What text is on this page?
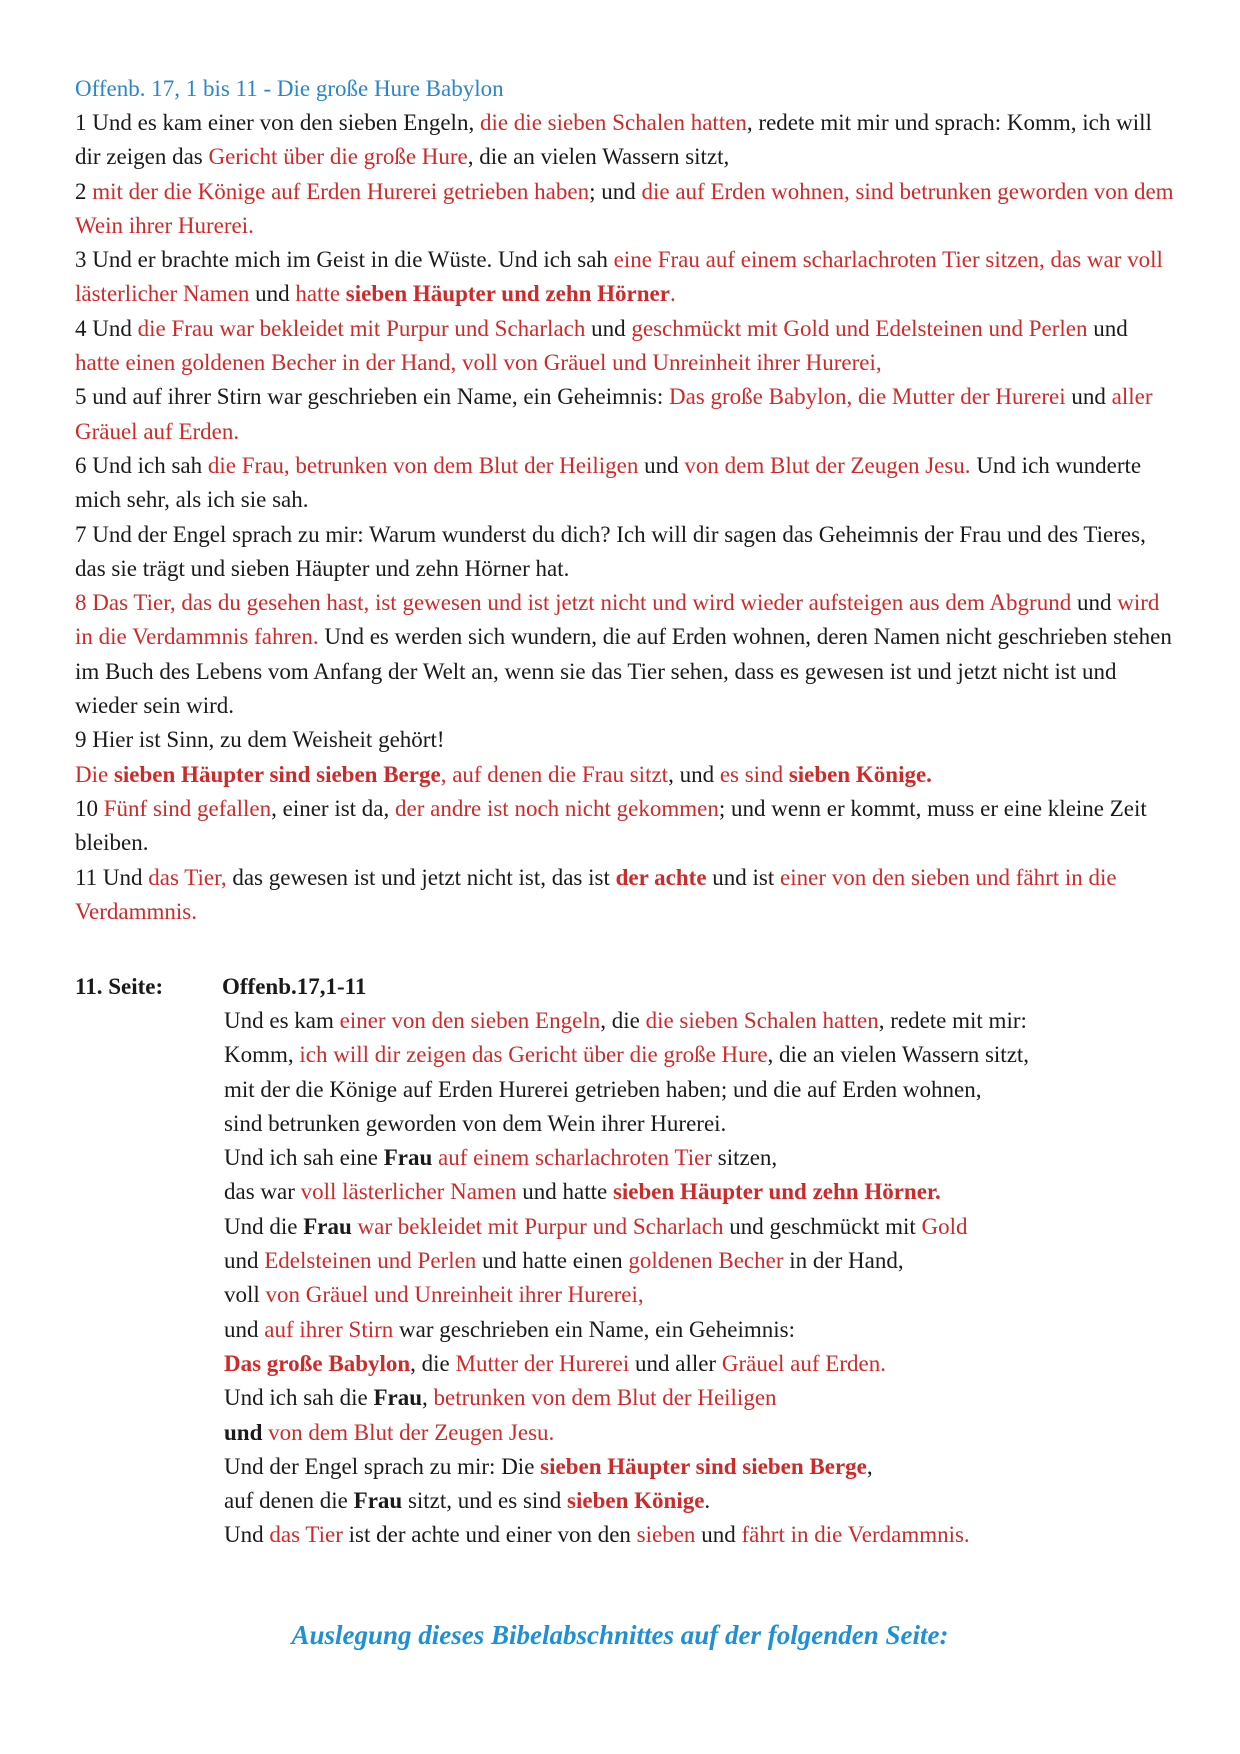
Offenb. 17, 1 bis 11 - Die große Hure Babylon

1 Und es kam einer von den sieben Engeln, die die sieben Schalen hatten, redete mit mir und sprach: Komm, ich will dir zeigen das Gericht über die große Hure, die an vielen Wassern sitzt,

2 mit der die Könige auf Erden Hurerei getrieben haben; und die auf Erden wohnen, sind betrunken geworden von dem Wein ihrer Hurerei.

3 Und er brachte mich im Geist in die Wüste. Und ich sah eine Frau auf einem scharlachroten Tier sitzen, das war voll lästerlicher Namen und hatte sieben Häupter und zehn Hörner.

4 Und die Frau war bekleidet mit Purpur und Scharlach und geschmückt mit Gold und Edelsteinen und Perlen und hatte einen goldenen Becher in der Hand, voll von Gräuel und Unreinheit ihrer Hurerei,

5 und auf ihrer Stirn war geschrieben ein Name, ein Geheimnis: Das große Babylon, die Mutter der Hurerei und aller Gräuel auf Erden.

6 Und ich sah die Frau, betrunken von dem Blut der Heiligen und von dem Blut der Zeugen Jesu. Und ich wunderte mich sehr, als ich sie sah.

7 Und der Engel sprach zu mir: Warum wunderst du dich? Ich will dir sagen das Geheimnis der Frau und des Tieres, das sie trägt und sieben Häupter und zehn Hörner hat.

8 Das Tier, das du gesehen hast, ist gewesen und ist jetzt nicht und wird wieder aufsteigen aus dem Abgrund und wird in die Verdammnis fahren. Und es werden sich wundern, die auf Erden wohnen, deren Namen nicht geschrieben stehen im Buch des Lebens vom Anfang der Welt an, wenn sie das Tier sehen, dass es gewesen ist und jetzt nicht ist und wieder sein wird.

9 Hier ist Sinn, zu dem Weisheit gehört!

Die sieben Häupter sind sieben Berge, auf denen die Frau sitzt, und es sind sieben Könige.

10 Fünf sind gefallen, einer ist da, der andre ist noch nicht gekommen; und wenn er kommt, muss er eine kleine Zeit bleiben.

11 Und das Tier, das gewesen ist und jetzt nicht ist, das ist der achte und ist einer von den sieben und fährt in die Verdammnis.

11. Seite:	Offenb.17,1-11

Und es kam einer von den sieben Engeln, die die sieben Schalen hatten, redete mit mir:

Komm, ich will dir zeigen das Gericht über die große Hure, die an vielen Wassern sitzt,

mit der die Könige auf Erden Hurerei getrieben haben; und die auf Erden wohnen,

sind betrunken geworden von dem Wein ihrer Hurerei.

Und ich sah eine Frau auf einem scharlachroten Tier sitzen,

das war voll lästerlicher Namen und hatte sieben Häupter und zehn Hörner.

Und die Frau war bekleidet mit Purpur und Scharlach und geschmückt mit Gold

und Edelsteinen und Perlen und hatte einen goldenen Becher in der Hand,

voll von Gräuel und Unreinheit ihrer Hurerei,

und auf ihrer Stirn war geschrieben ein Name, ein Geheimnis:

Das große Babylon, die Mutter der Hurerei und aller Gräuel auf Erden.

Und ich sah die Frau, betrunken von dem Blut der Heiligen

und von dem Blut der Zeugen Jesu.

Und der Engel sprach zu mir: Die sieben Häupter sind sieben Berge,

auf denen die Frau sitzt, und es sind sieben Könige.

Und das Tier ist der achte und einer von den sieben und fährt in die Verdammnis.

Auslegung dieses Bibelabschnittes auf der folgenden Seite:
